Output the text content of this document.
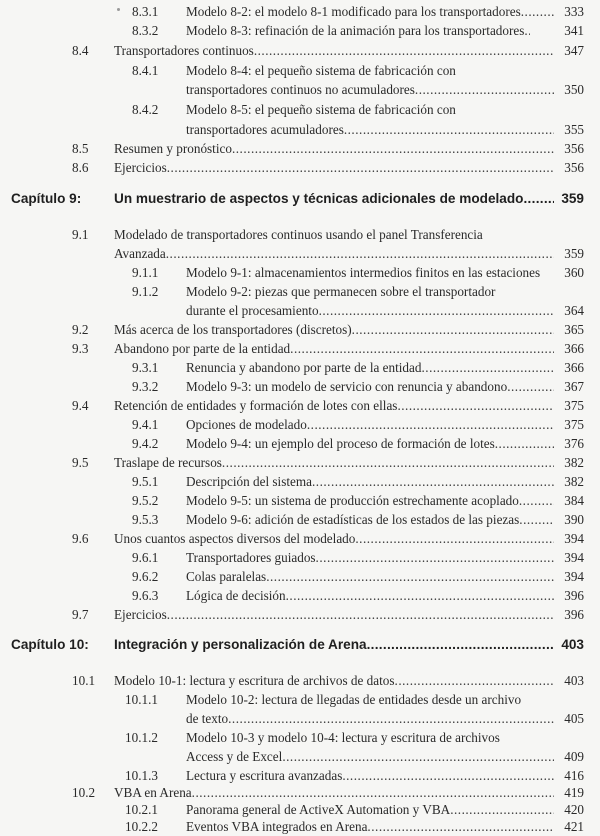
8.3.1 Modelo 8-2: el modelo 8-1 modificado para los transportadores .....	333
8.3.2 Modelo 8-3: refinación de la animación para los transportadores .....	341
8.4 Transportadores continuos .....	347
8.4.1 Modelo 8-4: el pequeño sistema de fabricación con
transportadores continuos no acumuladores .....	350
8.4.2 Modelo 8-5: el pequeño sistema de fabricación con
transportadores acumuladores .....	355
8.5 Resumen y pronóstico .....	356
8.6 Ejercicios .....	356
Capítulo 9: Un muestrario de aspectos y técnicas adicionales de modelado .....	359
9.1 Modelado de transportadores continuos usando el panel Transferencia
Avanzada .....	359
9.1.1 Modelo 9-1: almacenamientos intermedios finitos en las estaciones	360
9.1.2 Modelo 9-2: piezas que permanecen sobre el transportador
durante el procesamiento .....	364
9.2 Más acerca de los transportadores (discretos) .....	365
9.3 Abandono por parte de la entidad .....	366
9.3.1 Renuncia y abandono por parte de la entidad .....	366
9.3.2 Modelo 9-3: un modelo de servicio con renuncia y abandono .....	367
9.4 Retención de entidades y formación de lotes con ellas .....	375
9.4.1 Opciones de modelado .....	375
9.4.2 Modelo 9-4: un ejemplo del proceso de formación de lotes .....	376
9.5 Traslape de recursos .....	382
9.5.1 Descripción del sistema .....	382
9.5.2 Modelo 9-5: un sistema de producción estrechamente acoplado .....	384
9.5.3 Modelo 9-6: adición de estadísticas de los estados de las piezas .....	390
9.6 Unos cuantos aspectos diversos del modelado .....	394
9.6.1 Transportadores guiados .....	394
9.6.2 Colas paralelas .....	394
9.6.3 Lógica de decisión .....	396
9.7 Ejercicios .....	396
Capítulo 10: Integración y personalización de Arena .....	403
10.1 Modelo 10-1: lectura y escritura de archivos de datos .....	403
10.1.1 Modelo 10-2: lectura de llegadas de entidades desde un archivo
de texto .....	405
10.1.2 Modelo 10-3 y modelo 10-4: lectura y escritura de archivos
Access y de Excel .....	409
10.1.3 Lectura y escritura avanzadas .....	416
10.2 VBA en Arena .....	419
10.2.1 Panorama general de ActiveX Automation y VBA .....	420
10.2.2 Eventos VBA integrados en Arena .....	421
